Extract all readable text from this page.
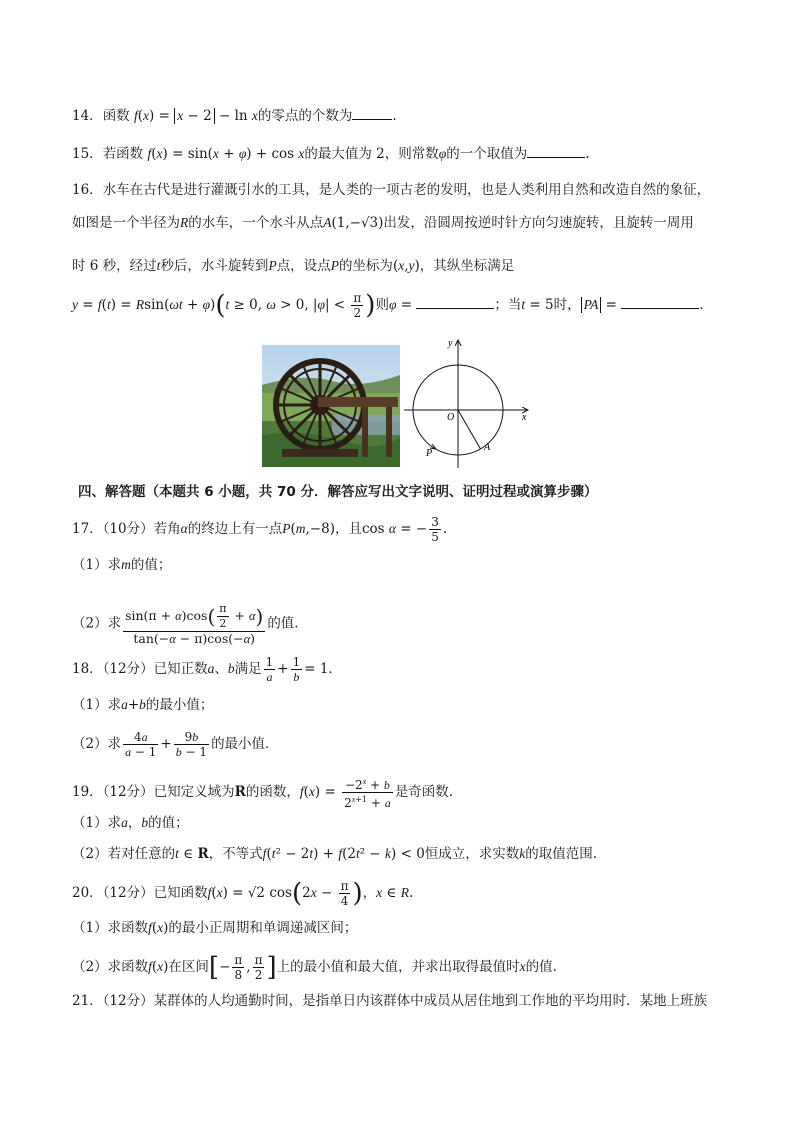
14．函数 f(x) = x − 2 − ln x的零点的个数为	.
15．若函数 f(x) = sin(x + φ) + cos x的最大值为 2，则常数φ的一个取值为	.
16．水车在古代是进行灌溉引水的工具，是人类的一项古老的发明，也是人类利用自然和改造自然的象征，
如图是一个半径为R的水车，一个水斗从点A(1,−√3)出发，沿圆周按逆时针方向匀速旋转，且旋转一周用
时 6 秒，经过t秒后，水斗旋转到P点，设点P的坐标为(x,y)，其纵坐标满足
y = f(t) = Rsin(ωt + φ)(t ≥ 0, ω > 0, $|\varphi| < \frac{\pi}{2}$ )则φ =	；当t = 5时， PA =	.
y
x
O
A
P
四、解答题（本题共 6 小题，共 70 分．解答应写出文字说明、证明过程或演算步骤）
17．（10分）若角α的终边上有一点P(m,−8)，且cos α = − $\frac{3}{5}$ .
（1）求m的值；
（2）求 $\frac{\sin(\pi + \alpha)\cos( \frac{\pi}{2} + \alpha)}{\tan(-\alpha - \pi)\cos(-\alpha)}$ 的值.
18．（12分）已知正数a、b满足 $\frac{1}{a} + \frac{1}{b} = 1$．
（1）求a+b的最小值；
（2）求 $\frac{4a}{a - 1} + \frac{9b}{b - 1}$ 的最小值．
19．（12分）已知定义域为R的函数，$f(x) = \frac{-2^x + b}{2^{x+1} + a}$ 是奇函数.
（1）求a，b的值；
（2）若对任意的t ∈ R，不等式f(t² − 2t) + f(2t² − k) < 0恒成立，求实数k的取值范围.
20．（12分）已知函数f(x) = √2 $\cos(2x - \frac{\pi}{4}$ )，x ∈ R.
（1）求函数f(x)的最小正周期和单调递减区间；
（2）求函数f(x)在区间[− $\frac{\pi}{8}$ , $\frac{\pi}{2}$ ]上的最小值和最大值，并求出取得最值时x的值.
21．（12分）某群体的人均通勤时间，是指单日内该群体中成员从居住地到工作地的平均用时．某地上班族
